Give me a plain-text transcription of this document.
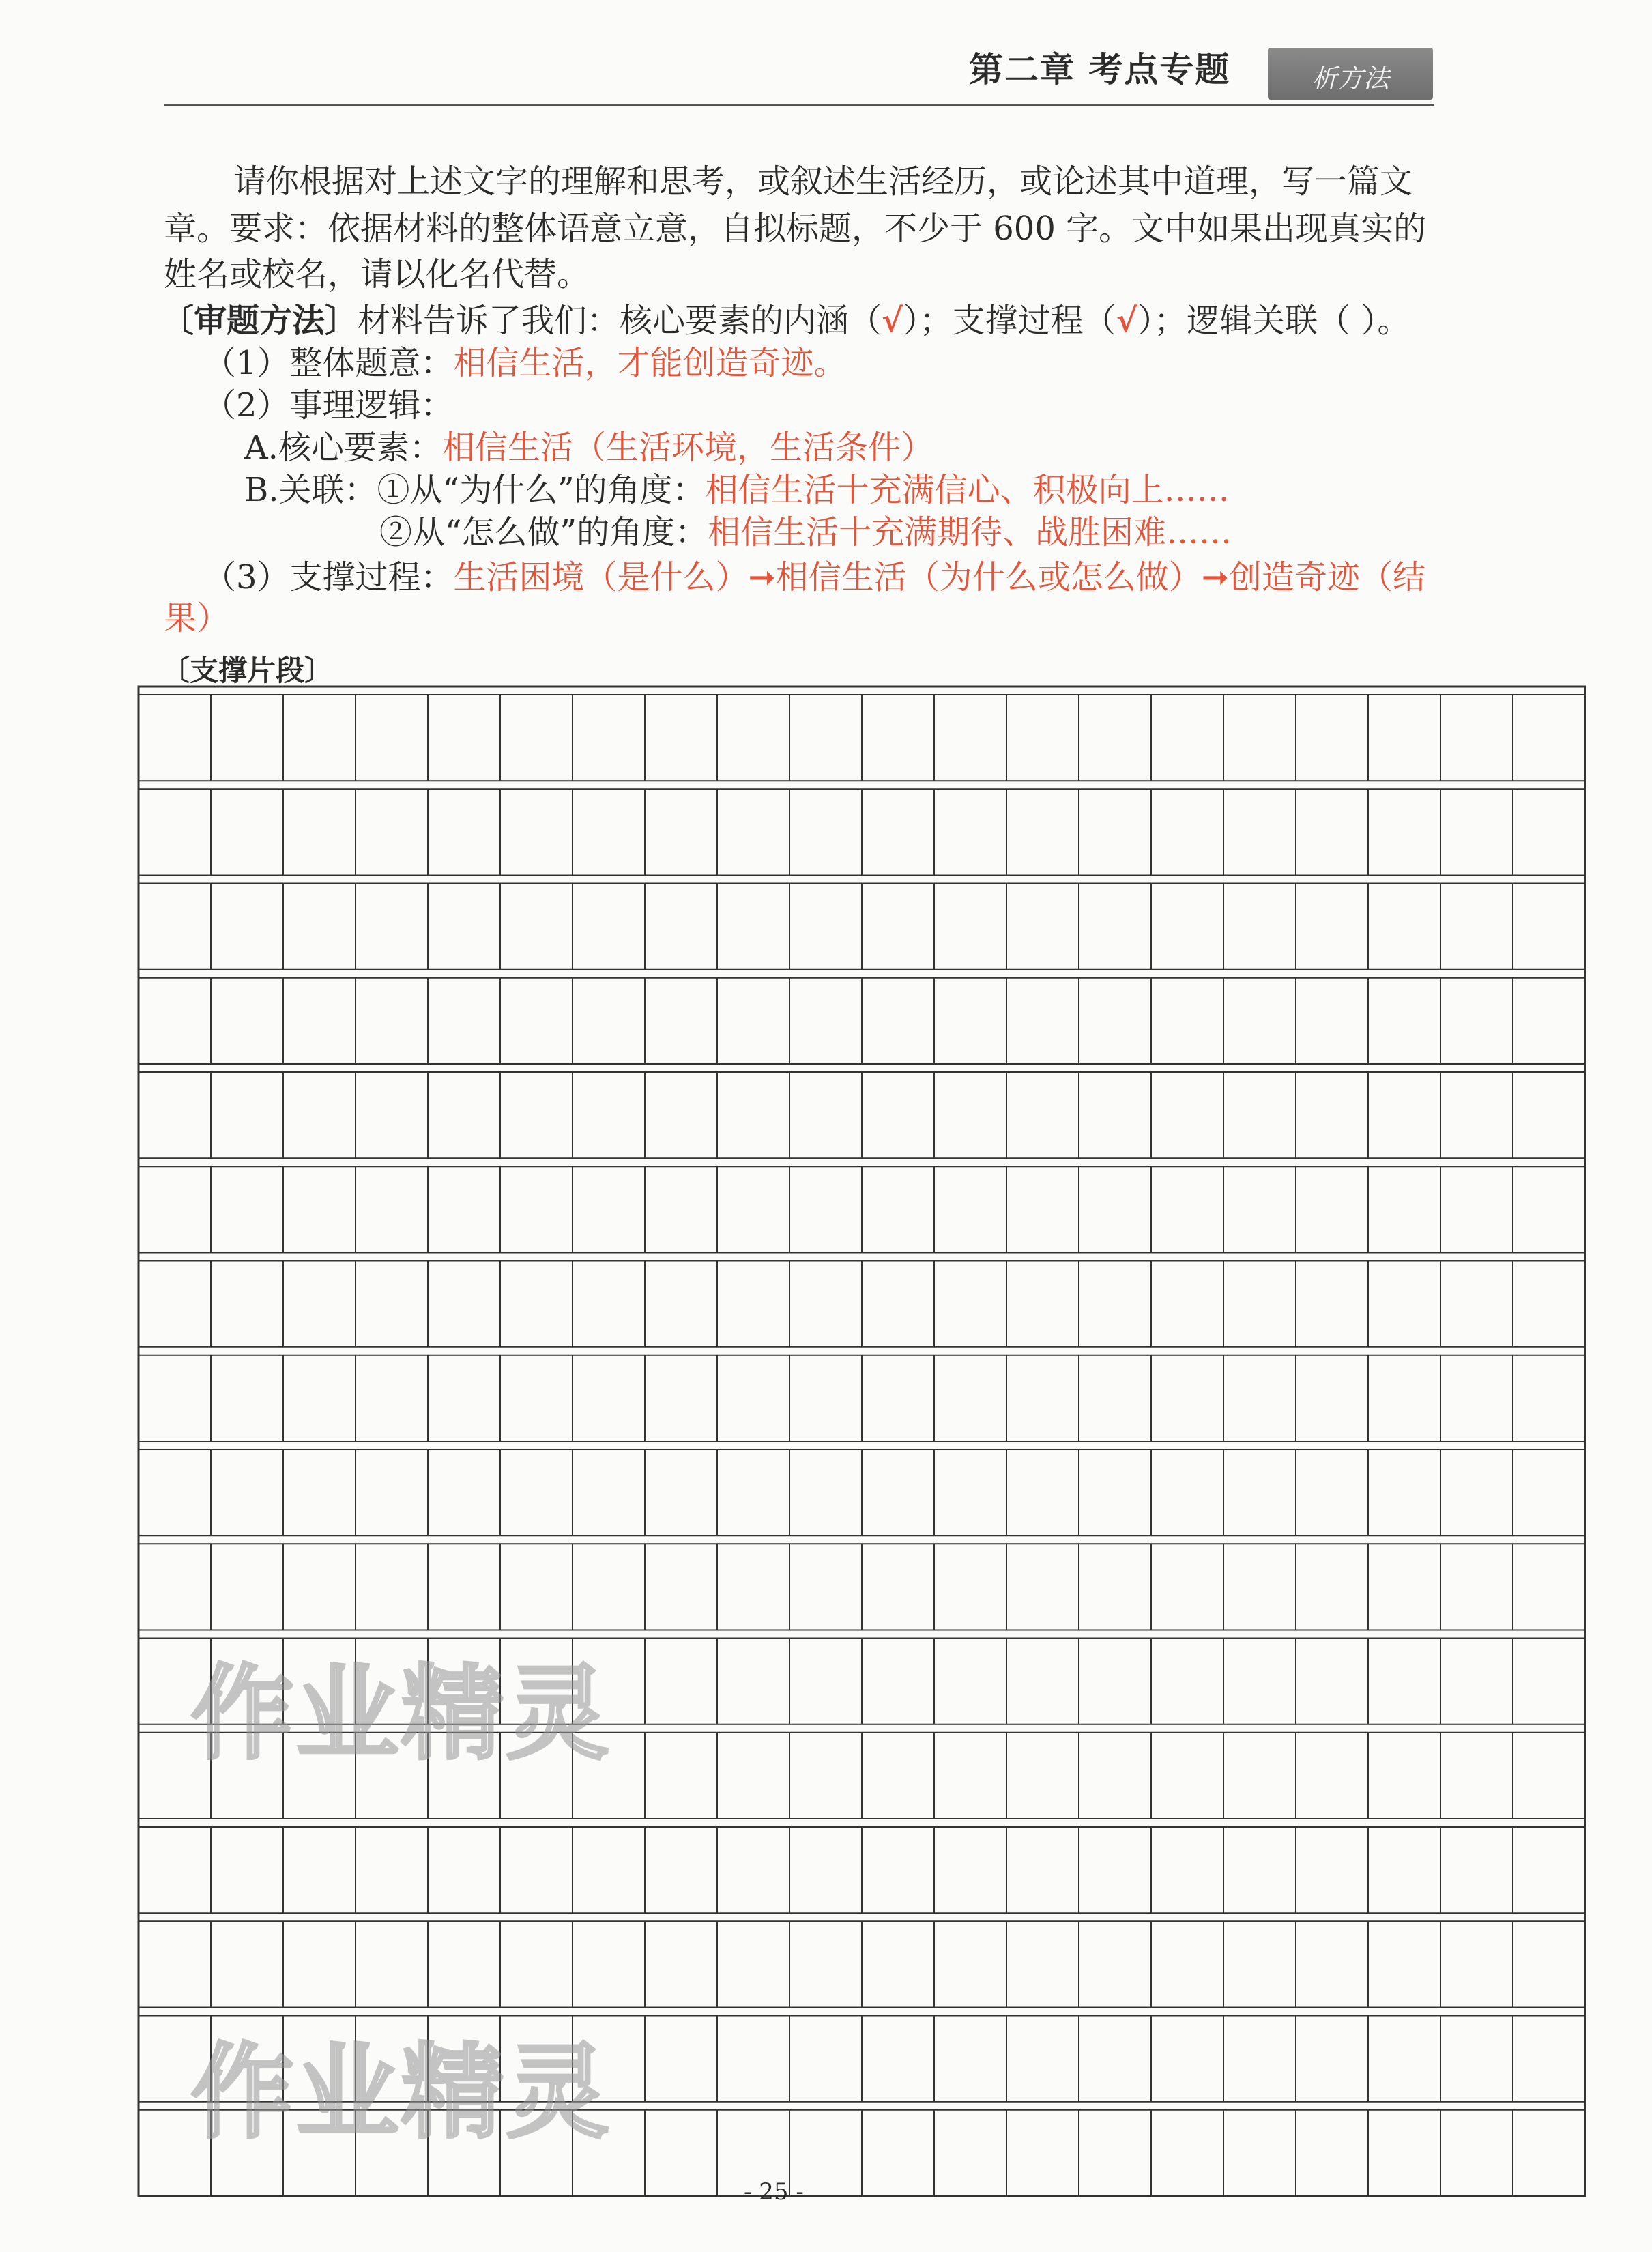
第二章 考点专题	析方法
请你根据对上述文字的理解和思考，或叙述生活经历，或论述其中道理，写一篇文
章。要求：依据材料的整体语意立意，自拟标题，不少于 600 字。文中如果出现真实的
姓名或校名，请以化名代替。
〔审题方法〕材料告诉了我们：核心要素的内涵（√）；支撑过程（√）；逻辑关联（ ）。
（1）整体题意：相信生活，才能创造奇迹。
（2）事理逻辑：
A.核心要素：相信生活（生活环境，生活条件）
B.关联：①从“为什么”的角度：相信生活十充满信心、积极向上……
②从“怎么做”的角度：相信生活十充满期待、战胜困难……
（3）支撑过程：生活困境（是什么）➞相信生活（为什么或怎么做）➞创造奇迹（结
果）
〔支撑片段〕
作业精灵
作业精灵
- 25 -
